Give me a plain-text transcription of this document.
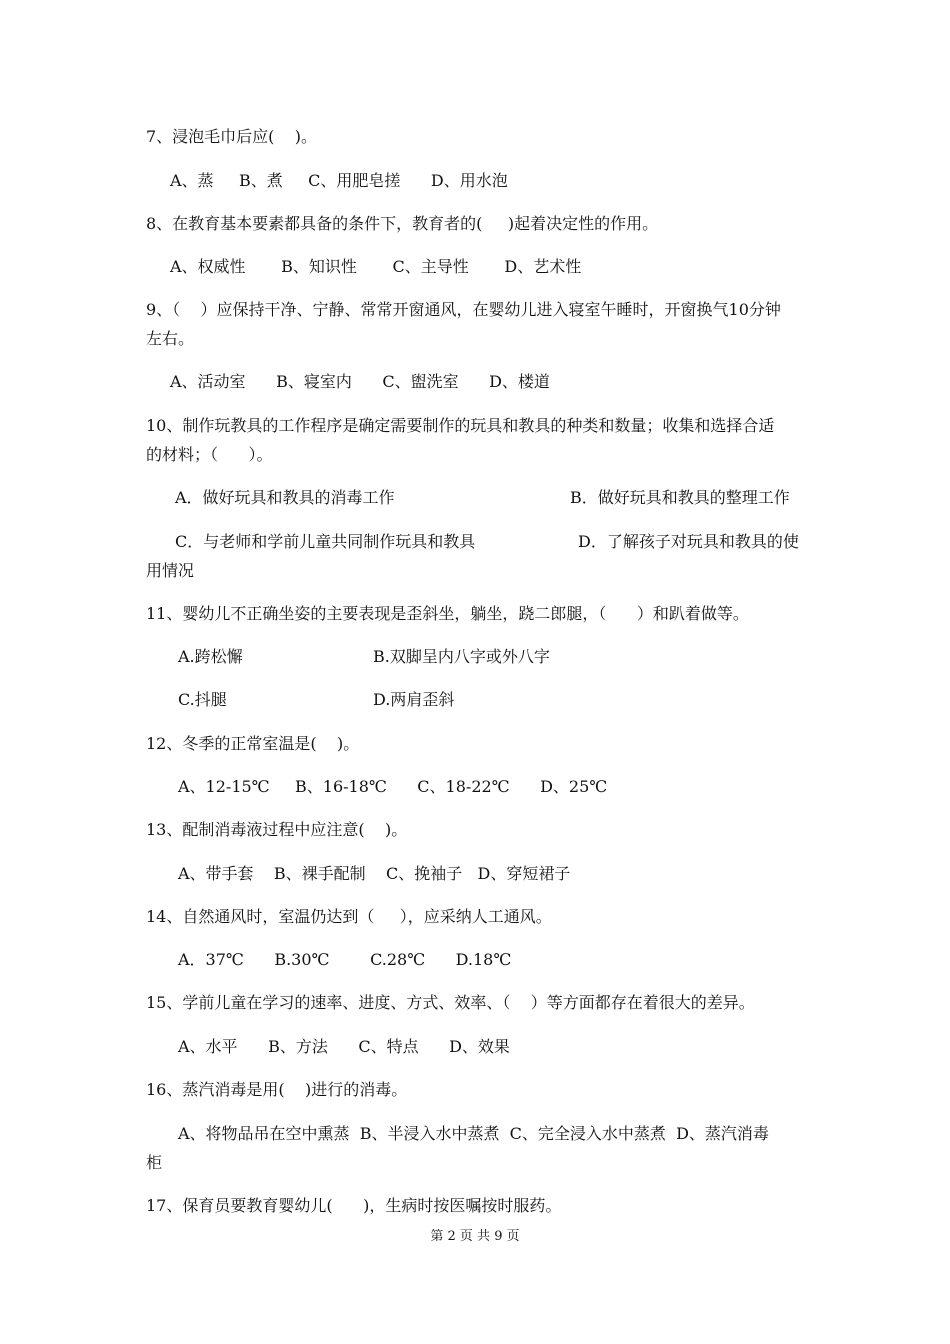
7、浸泡毛巾后应(    )。
A、蒸     B、煮     C、用肥皂搓      D、用水泡
8、在教育基本要素都具备的条件下，教育者的(     )起着决定性的作用。
A、权威性       B、知识性       C、主导性       D、艺术性
9、（    ）应保持干净、宁静、常常开窗通风，在婴幼儿进入寝室午睡时，开窗换气10分钟
左右。
A、活动室      B、寝室内      C、盥洗室      D、楼道
10、制作玩教具的工作程序是确定需要制作的玩具和教具的种类和数量；收集和选择合适
的材料；（      ）。
A．做好玩具和教具的消毒工作	B．做好玩具和教具的整理工作
C．与老师和学前儿童共同制作玩具和教具	D．了解孩子对玩具和教具的使
用情况
11、婴幼儿不正确坐姿的主要表现是歪斜坐，躺坐，跷二郎腿，（      ）和趴着做等。
A.跨松懈	B.双脚呈内八字或外八字
C.抖腿	D.两肩歪斜
12、冬季的正常室温是(    )。
A、12-15℃     B、16-18℃      C、18-22℃      D、25℃
13、配制消毒液过程中应注意(    )。
A、带手套    B、裸手配制    C、挽袖子   D、穿短裙子
14、自然通风时，室温仍达到（     ），应采纳人工通风。
A．37℃      B.30℃        C.28℃      D.18℃
15、学前儿童在学习的速率、进度、方式、效率、（    ）等方面都存在着很大的差异。
A、水平      B、方法      C、特点      D、效果
16、蒸汽消毒是用(    )进行的消毒。
A、将物品吊在空中熏蒸  B、半浸入水中蒸煮  C、完全浸入水中蒸煮  D、蒸汽消毒
柜
17、保育员要教育婴幼儿(      )，生病时按医嘱按时服药。
第 2 页 共 9 页
